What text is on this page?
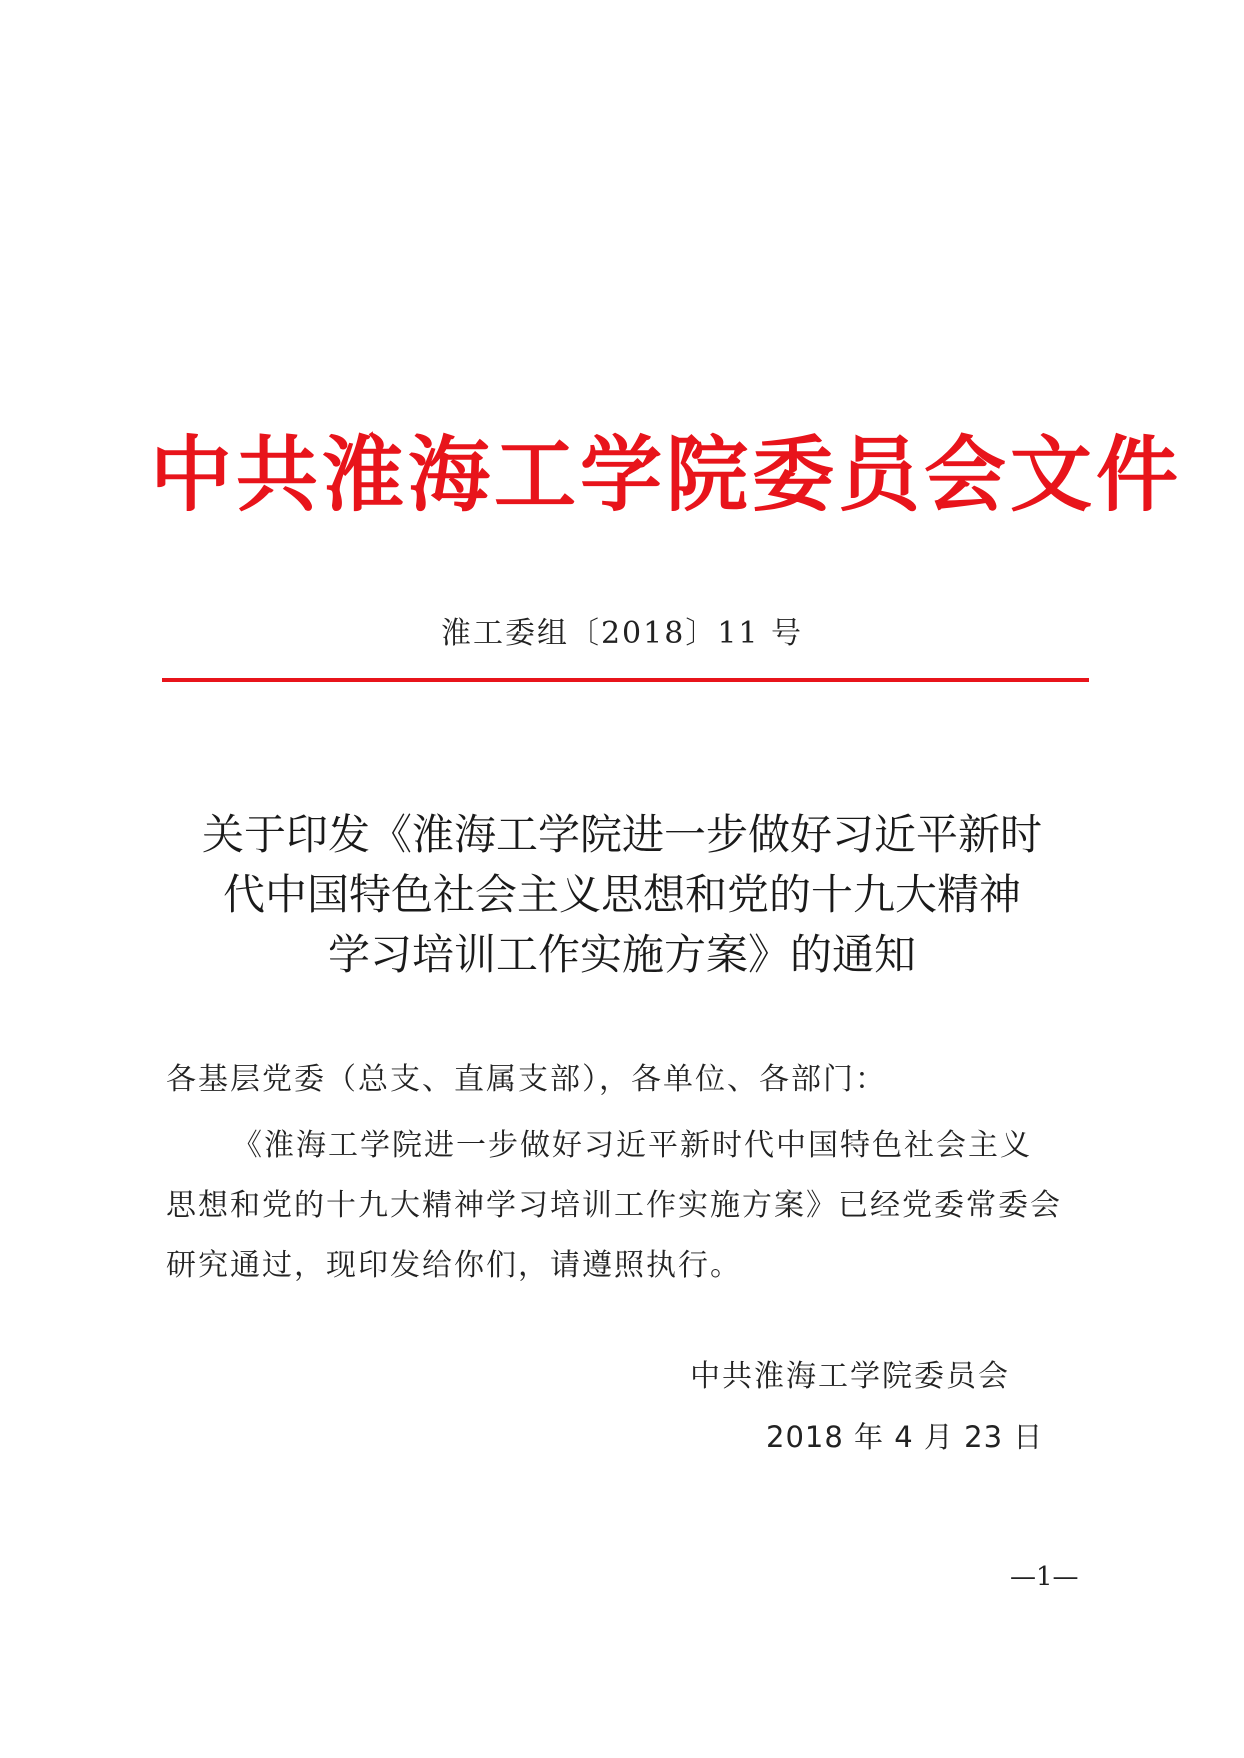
中共淮海工学院委员会文件
淮工委组〔2018〕11 号
关于印发《淮海工学院进一步做好习近平新时
代中国特色社会主义思想和党的十九大精神
学习培训工作实施方案》的通知
各基层党委（总支、直属支部），各单位、各部门：
《淮海工学院进一步做好习近平新时代中国特色社会主义
思想和党的十九大精神学习培训工作实施方案》已经党委常委会
研究通过，现印发给你们，请遵照执行。
中共淮海工学院委员会
2018 年 4 月 23 日
—1—
